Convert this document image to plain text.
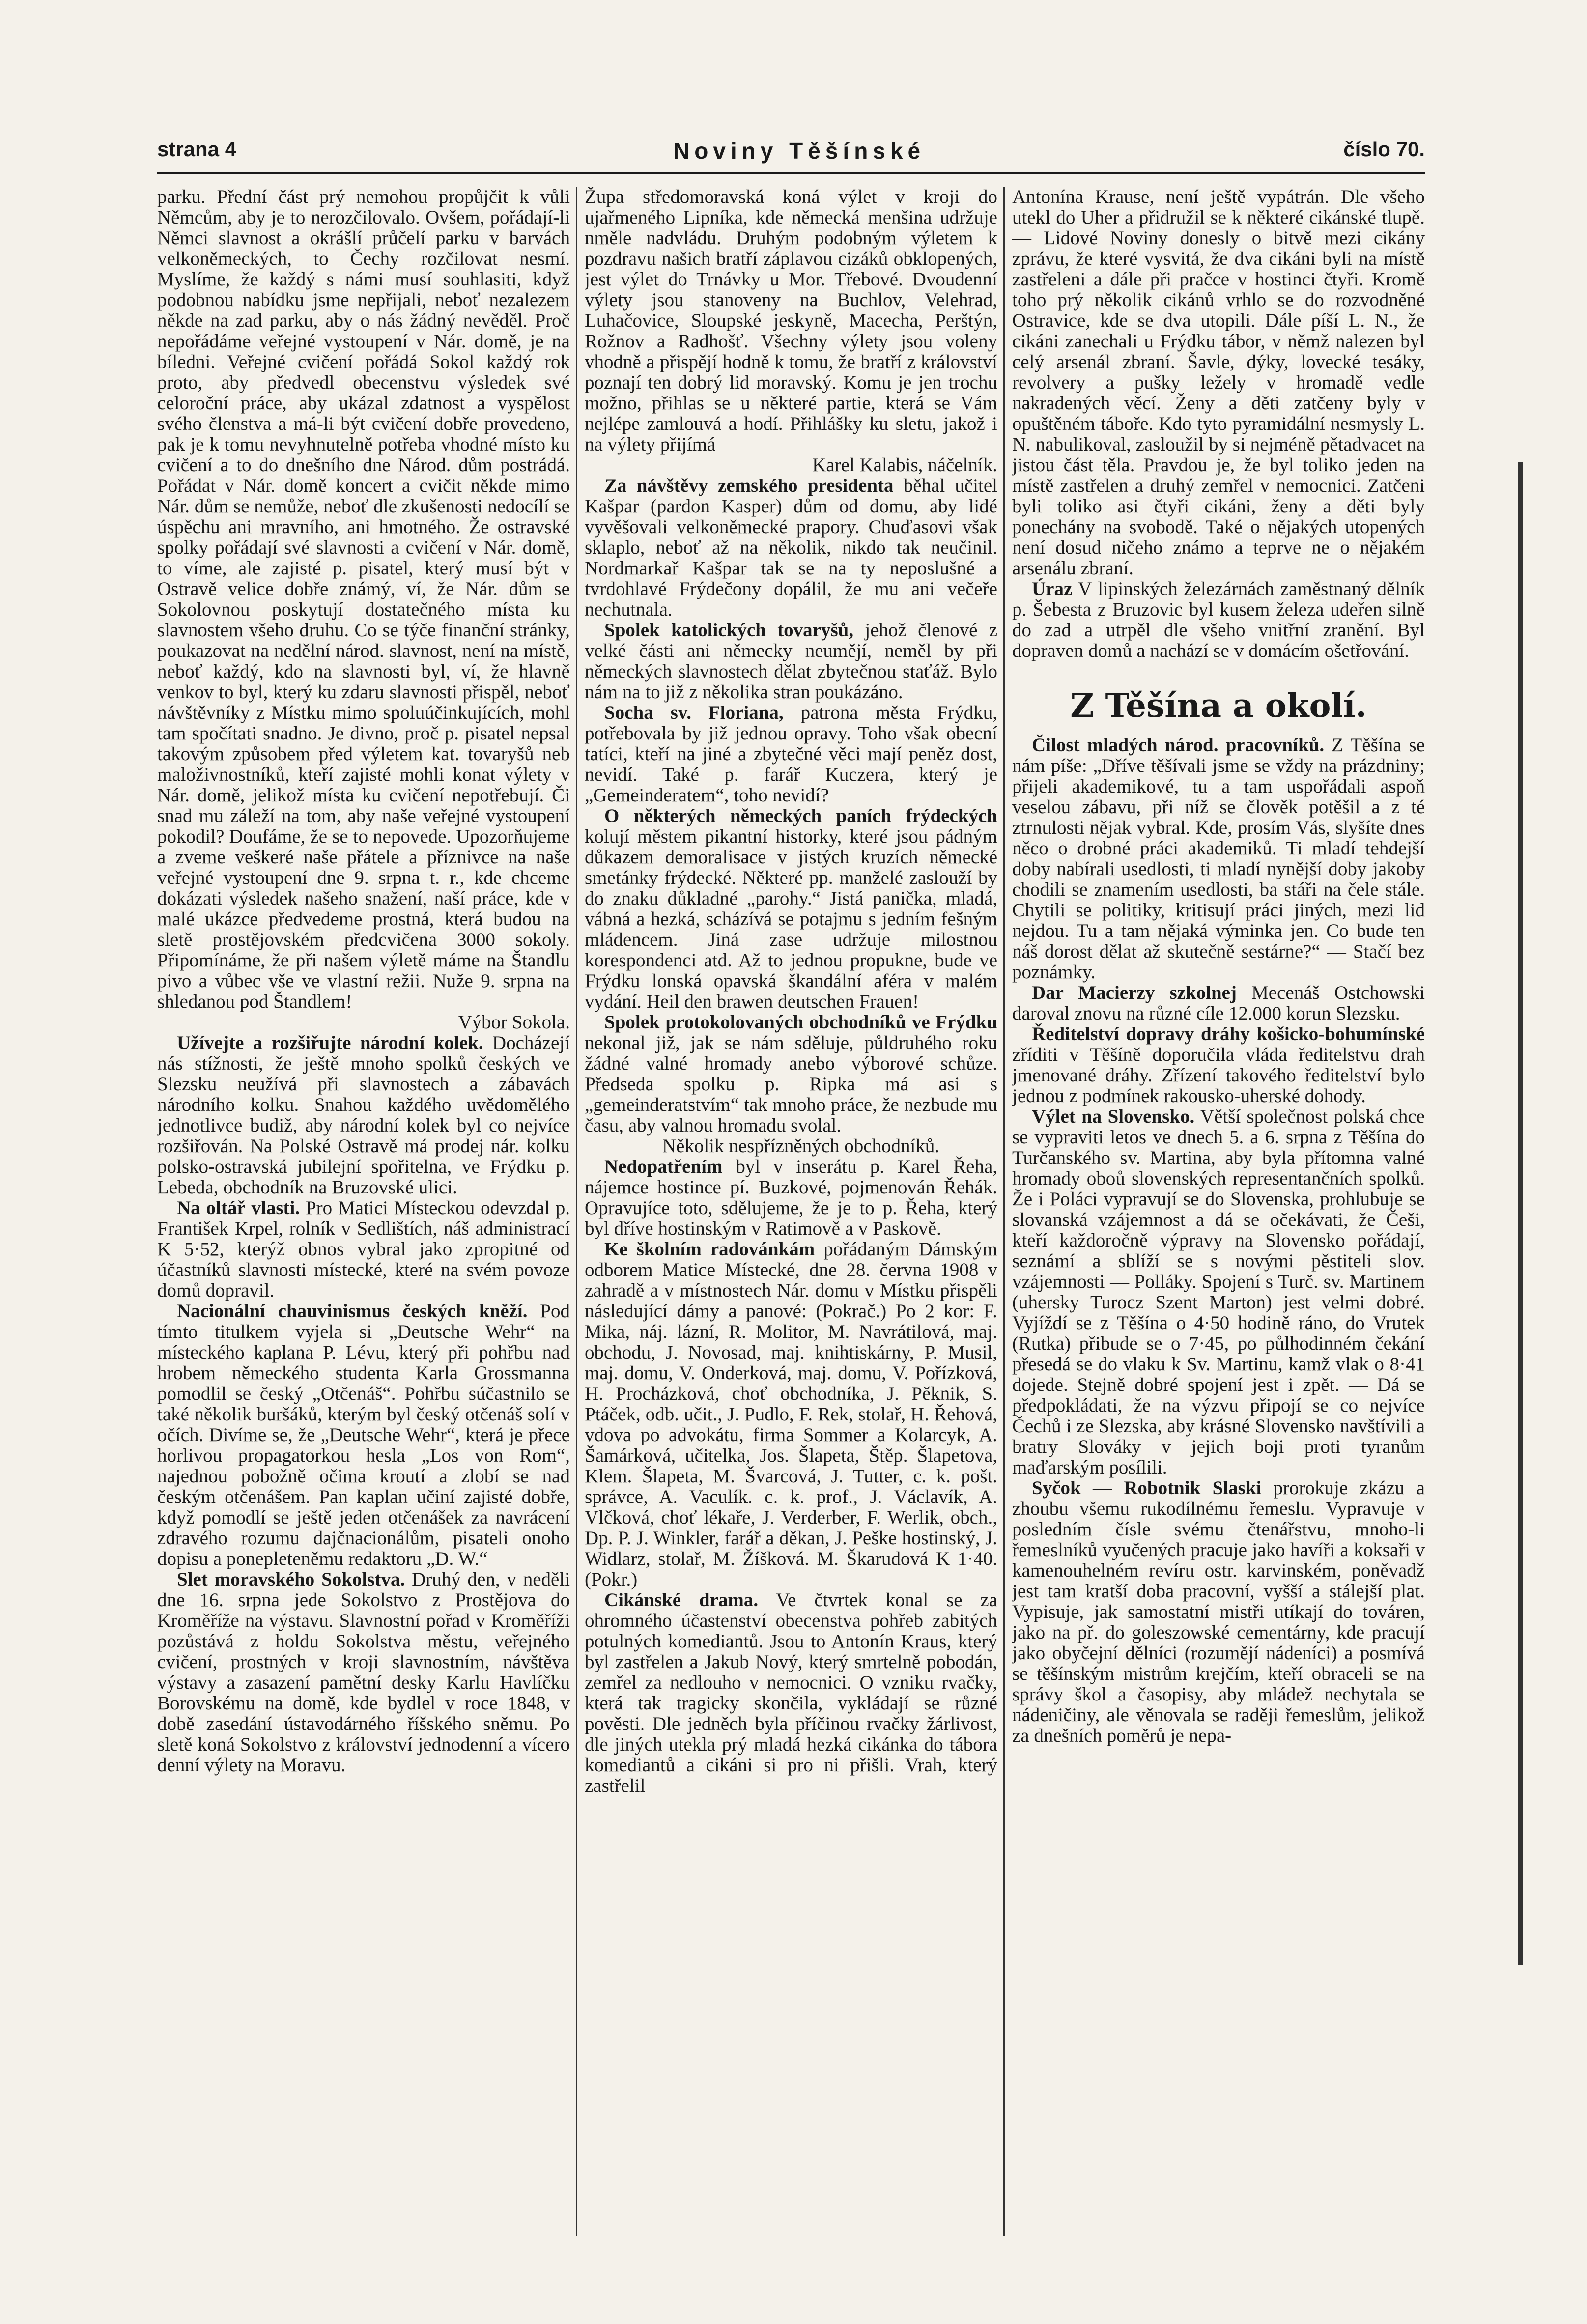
strana 4	Noviny Těšínské	číslo 70.

parku. Přední část prý nemohou propůjčit k vůli Němcům, aby je to nerozčilovalo. Ovšem, pořádají-li Němci slavnost a okrášlí průčelí parku v barvách velkoněmeckých, to Čechy rozčilovat nesmí. Myslíme, že každý s námi musí souhlasiti, když podobnou nabídku jsme nepřijali, neboť nezalezem někde na zad parku, aby o nás žádný nevěděl. Proč nepořádáme veřejné vystoupení v Nár. domě, je na bíledni. Veřejné cvičení pořádá Sokol každý rok proto, aby předvedl obecenstvu výsledek své celoroční práce, aby ukázal zdatnost a vyspělost svého členstva a má-li být cvičení dobře provedeno, pak je k tomu nevyhnutelně potřeba vhodné místo ku cvičení a to do dnešního dne Národ. dům postrádá. Pořádat v Nár. domě koncert a cvičit někde mimo Nár. dům se nemůže, neboť dle zkušenosti nedocílí se úspěchu ani mravního, ani hmotného. Že ostravské spolky pořádají své slavnosti a cvičení v Nár. domě, to víme, ale zajisté p. pisatel, který musí být v Ostravě velice dobře známý, ví, že Nár. dům se Sokolovnou poskytují dostatečného místa ku slavnostem všeho druhu. Co se týče finanční stránky, poukazovat na nedělní národ. slavnost, není na místě, neboť každý, kdo na slavnosti byl, ví, že hlavně venkov to byl, který ku zdaru slavnosti přispěl, neboť návštěvníky z Místku mimo spoluúčinkujících, mohl tam spočítati snadno. Je divno, proč p. pisatel nepsal takovým způsobem před výletem kat. tovaryšů neb maloživnostníků, kteří zajisté mohli konat výlety v Nár. domě, jelikož místa ku cvičení nepotřebují. Či snad mu záleží na tom, aby naše veřejné vystoupení pokodil? Doufáme, že se to nepovede. Upozorňujeme a zveme veškeré naše přátele a příznivce na naše veřejné vystoupení dne 9. srpna t. r., kde chceme dokázati výsledek našeho snažení, naší práce, kde v malé ukázce předvedeme prostná, která budou na sletě prostějovském předcvičena 3000 sokoly. Připomínáme, že při našem výletě máme na Štandlu pivo a vůbec vše ve vlastní režii. Nuže 9. srpna na shledanou pod Štandlem!

Výbor Sokola.

Užívejte a rozšiřujte národní kolek. Docházejí nás stížnosti, že ještě mnoho spolků českých ve Slezsku neužívá při slavnostech a zábavách národního kolku. Snahou každého uvědomělého jednotlivce budiž, aby národní kolek byl co nejvíce rozšiřován. Na Polské Ostravě má prodej nár. kolku polsko-ostravská jubilejní spořitelna, ve Frýdku p. Lebeda, obchodník na Bruzovské ulici.

Na oltář vlasti. Pro Matici Místeckou odevzdal p. František Krpel, rolník v Sedlištích, náš administrací K 5·52, kterýž obnos vybral jako zpropitné od účastníků slavnosti místecké, které na svém povoze domů dopravil.

Nacionální chauvinismus českých kněží. Pod tímto titulkem vyjela si „Deutsche Wehr“ na místeckého kaplana P. Lévu, který při pohřbu nad hrobem německého studenta Karla Grossmanna pomodlil se český „Otčenáš“. Pohřbu súčastnilo se také několik buršáků, kterým byl český otčenáš solí v očích. Divíme se, že „Deutsche Wehr“, která je přece horlivou propagatorkou hesla „Los von Rom“, najednou pobožně očima kroutí a zlobí se nad českým otčenášem. Pan kaplan učiní zajisté dobře, když pomodlí se ještě jeden otčenášek za navrácení zdravého rozumu dajčnacionálům, pisateli onoho dopisu a ponepleteněmu redaktoru „D. W.“

Slet moravského Sokolstva. Druhý den, v neděli dne 16. srpna jede Sokolstvo z Prostějova do Kroměříže na výstavu. Slavnostní pořad v Kroměříži pozůstává z holdu Sokolstva městu, veřejného cvičení, prostných v kroji slavnostním, návštěva výstavy a zasazení pamětní desky Karlu Havlíčku Borovskému na domě, kde bydlel v roce 1848, v době zasedání ústavodárného říšského sněmu. Po sletě koná Sokolstvo z království jednodenní a vícero denní výlety na Moravu.

Župa středomoravská koná výlet v kroji do ujařmeného Lipníka, kde německá menšina udržuje nměle nadvládu. Druhým podobným výletem k pozdravu našich bratří záplavou cizáků obklopených, jest výlet do Trnávky u Mor. Třebové. Dvoudenní výlety jsou stanoveny na Buchlov, Velehrad, Luhačovice, Sloupské jeskyně, Macecha, Perštýn, Rožnov a Radhošť. Všechny výlety jsou voleny vhodně a přispějí hodně k tomu, že bratří z království poznají ten dobrý lid moravský. Komu je jen trochu možno, přihlas se u některé partie, která se Vám nejlépe zamlouvá a hodí. Přihlášky ku sletu, jakož i na výlety přijímá

Karel Kalabis, náčelník.

Za návštěvy zemského presidenta běhal učitel Kašpar (pardon Kasper) dům od domu, aby lidé vyvěšovali velkoněmecké prapory. Chuďasovi však sklaplo, neboť až na několik, nikdo tak neučinil. Nordmarkař Kašpar tak se na ty neposlušné a tvrdohlavé Frýdečony dopálil, že mu ani večeře nechutnala.

Spolek katolických tovaryšů, jehož členové z velké části ani německy neumějí, neměl by při německých slavnostech dělat zbytečnou staťáž. Bylo nám na to již z několika stran poukázáno.

Socha sv. Floriana, patrona města Frýdku, potřebovala by již jednou opravy. Toho však obecní tatíci, kteří na jiné a zbytečné věci mají peněz dost, nevidí. Také p. farář Kuczera, který je „Gemeinderatem“, toho nevidí?

O některých německých paních frýdeckých kolují městem pikantní historky, které jsou pádným důkazem demoralisace v jistých kruzích německé smetánky frýdecké. Některé pp. manželé zaslouží by do znaku důkladné „parohy.“ Jistá panička, mladá, vábná a hezká, scházívá se potajmu s jedním fešným mládencem. Jiná zase udržuje milostnou korespondenci atd. Až to jednou propukne, bude ve Frýdku lonská opavská škandální aféra v malém vydání. Heil den brawen deutschen Frauen!

Spolek protokolovaných obchodníků ve Frýdku nekonal již, jak se nám sděluje, půldruhého roku žádné valné hromady anebo výborové schůze. Předseda spolku p. Ripka má asi s „gemeinderatstvím“ tak mnoho práce, že nezbude mu času, aby valnou hromadu svolal.

Několik nespřízněných obchodníků.

Nedopatřením byl v inserátu p. Karel Řeha, nájemce hostince pí. Buzkové, pojmenován Řehák. Opravujíce toto, sdělujeme, že je to p. Řeha, který byl dříve hostinským v Ratimově a v Paskově.

Ke školním radovánkám pořádaným Dámským odborem Matice Místecké, dne 28. června 1908 v zahradě a v místnostech Nár. domu v Místku přispěli následující dámy a panové: (Pokrač.) Po 2 kor: F. Mika, náj. lázní, R. Molitor, M. Navrátilová, maj. obchodu, J. Novosad, maj. knihtiskárny, P. Musil, maj. domu, V. Onderková, maj. domu, V. Pořízková, H. Procházková, choť obchodníka, J. Pěknik, S. Ptáček, odb. učit., J. Pudlo, F. Rek, stolař, H. Řehová, vdova po advokátu, firma Sommer a Kolarcyk, A. Šamárková, učitelka, Jos. Šlapeta, Štěp. Šlapetova, Klem. Šlapeta, M. Švarcová, J. Tutter, c. k. pošt. správce, A. Vaculík. c. k. prof., J. Václavík, A. Vlčková, choť lékaře, J. Verderber, F. Werlik, obch., Dp. P. J. Winkler, farář a děkan, J. Peške hostinský, J. Widlarz, stolař, M. Žíšková. M. Škarudová K 1·40. (Pokr.)

Cikánské drama. Ve čtvrtek konal se za ohromného účastenství obecenstva pohřeb zabitých potulných komediantů. Jsou to Antonín Kraus, který byl zastřelen a Jakub Nový, který smrtelně pobodán, zemřel za nedlouho v nemocnici. O vzniku rvačky, která tak tragicky skončila, vykládají se různé pověsti. Dle jedněch byla příčinou rvačky žárlivost, dle jiných utekla prý mladá hezká cikánka do tábora komediantů a cikáni si pro ni přišli. Vrah, který zastřelil

Antonína Krause, není ještě vypátrán. Dle všeho utekl do Uher a přidružil se k některé cikánské tlupě. — Lidové Noviny donesly o bitvě mezi cikány zprávu, že které vysvitá, že dva cikáni byli na místě zastřeleni a dále při pračce v hostinci čtyři. Kromě toho prý několik cikánů vrhlo se do rozvodněné Ostravice, kde se dva utopili. Dále píší L. N., že cikáni zanechali u Frýdku tábor, v němž nalezen byl celý arsenál zbraní. Šavle, dýky, lovecké tesáky, revolvery a pušky ležely v hromadě vedle nakradených věcí. Ženy a děti zatčeny byly v opuštěném táboře. Kdo tyto pyramidální nesmysly L. N. nabulikoval, zasloužil by si nejméně pětadvacet na jistou část těla. Pravdou je, že byl toliko jeden na místě zastřelen a druhý zemřel v nemocnici. Zatčeni byli toliko asi čtyři cikáni, ženy a děti byly ponechány na svobodě. Také o nějakých utopených není dosud ničeho známo a teprve ne o nějakém arsenálu zbraní.

Úraz V lipinských železárnách zaměstnaný dělník p. Šebesta z Bruzovic byl kusem železa udeřen silně do zad a utrpěl dle všeho vnitřní zranění. Byl dopraven domů a nachází se v domácím ošetřování.

Z Těšína a okolí.

Čilost mladých národ. pracovníků. Z Těšína se nám píše: „Dříve těšívali jsme se vždy na prázdniny; přijeli akademikové, tu a tam uspořádali aspoň veselou zábavu, při níž se člověk potěšil a z té ztrnulosti nějak vybral. Kde, prosím Vás, slyšíte dnes něco o drobné práci akademiků. Ti mladí tehdejší doby nabírali usedlosti, ti mladí nynější doby jakoby chodili se znamením usedlosti, ba stáři na čele stále. Chytili se politiky, kritisují práci jiných, mezi lid nejdou. Tu a tam nějaká výminka jen. Co bude ten náš dorost dělat až skutečně sestárne?“ — Stačí bez poznámky.

Dar Macierzy szkolnej Mecenáš Ostchowski daroval znovu na různé cíle 12.000 korun Slezsku.

Ředitelství dopravy dráhy košicko-bohumínské zříditi v Těšíně doporučila vláda ředitelstvu drah jmenované dráhy. Zřízení takového ředitelství bylo jednou z podmínek rakousko-uherské dohody.

Výlet na Slovensko. Větší společnost polská chce se vypraviti letos ve dnech 5. a 6. srpna z Těšína do Turčanského sv. Martina, aby byla přítomna valné hromady oboů slovenských representančních spolků. Že i Poláci vypravují se do Slovenska, prohlubuje se slovanská vzájemnost a dá se očekávati, že Češi, kteří každoročně výpravy na Slovensko pořádají, seznámí a sblíží se s novými pěstiteli slov. vzájemnosti — Polláky. Spojení s Turč. sv. Martinem (uhersky Turocz Szent Marton) jest velmi dobré. Vyjíždí se z Těšína o 4·50 hodině ráno, do Vrutek (Rutka) přibude se o 7·45, po půlhodinném čekání přesedá se do vlaku k Sv. Martinu, kamž vlak o 8·41 dojede. Stejně dobré spojení jest i zpět. — Dá se předpokládati, že na výzvu připojí se co nejvíce Čechů i ze Slezska, aby krásné Slovensko navštívili a bratry Slováky v jejich boji proti tyranům maďarským posílili.

Syčok — Robotnik Slaski prorokuje zkázu a zhoubu všemu rukodílnému řemeslu. Vypravuje v posledním čísle svému čtenářstvu, mnoho-li řemeslníků vyučených pracuje jako havíři a koksaři v kamenouhelném revíru ostr. karvinském, poněvadž jest tam kratší doba pracovní, vyšší a stálejší plat. Vypisuje, jak samostatní mistři utíkají do továren, jako na př. do goleszowské cementárny, kde pracují jako obyčejní dělníci (rozumějí nádeníci) a posmívá se těšínským mistrům krejčím, kteří obraceli se na správy škol a časopisy, aby mládež nechytala se nádeničiny, ale věnovala se raději řemeslům, jelikož za dnešních poměrů je nepa-
